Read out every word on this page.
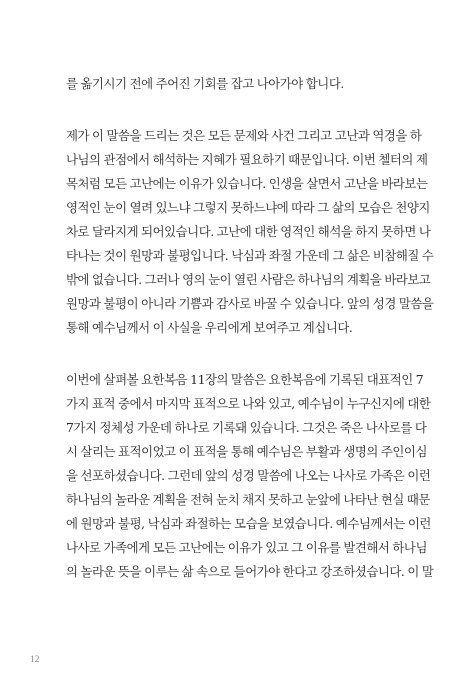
를 옮기시기 전에 주어진 기회를 잡고 나아가야 합니다.
제가 이 말씀을 드리는 것은 모든 문제와 사건 그리고 고난과 역경을 하
나님의 관점에서 해석하는 지혜가 필요하기 때문입니다. 이번 첼터의 제
목처럼 모든 고난에는 이유가 있습니다. 인생을 살면서 고난을 바라보는
영적인 눈이 열려 있느냐 그렇지 못하느냐에 따라 그 삶의 모습은 천양지
차로 달라지게 되어있습니다. 고난에 대한 영적인 해석을 하지 못하면 나
타나는 것이 원망과 불평입니다. 낙심과 좌절 가운데 그 삶은 비참해질 수
밖에 없습니다. 그러나 영의 눈이 열린 사람은 하나님의 계획을 바라보고
원망과 불평이 아니라 기쁨과 감사로 바꿀 수 있습니다. 앞의 성경 말씀을
통해 예수님께서 이 사실을 우리에게 보여주고 계십니다.
이번에 살펴볼 요한복음 11장의 말씀은 요한복음에 기록된 대표적인 7
가지 표적 중에서 마지막 표적으로 나와 있고, 예수님이 누구신지에 대한
7가지 정체성 가운데 하나로 기록돼 있습니다. 그것은 죽은 나사로를 다
시 살리는 표적이었고 이 표적을 통해 예수님은 부활과 생명의 주인이심
을 선포하셨습니다. 그런데 앞의 성경 말씀에 나오는 나사로 가족은 이런
하나님의 놀라운 계획을 전혀 눈치 채지 못하고 눈앞에 나타난 현실 때문
에 원망과 불평, 낙심과 좌절하는 모습을 보였습니다. 예수님께서는 이런
나사로 가족에게 모든 고난에는 이유가 있고 그 이유를 발견해서 하나님
의 놀라운 뜻을 이루는 삶 속으로 들어가야 한다고 강조하셨습니다. 이 말
12
